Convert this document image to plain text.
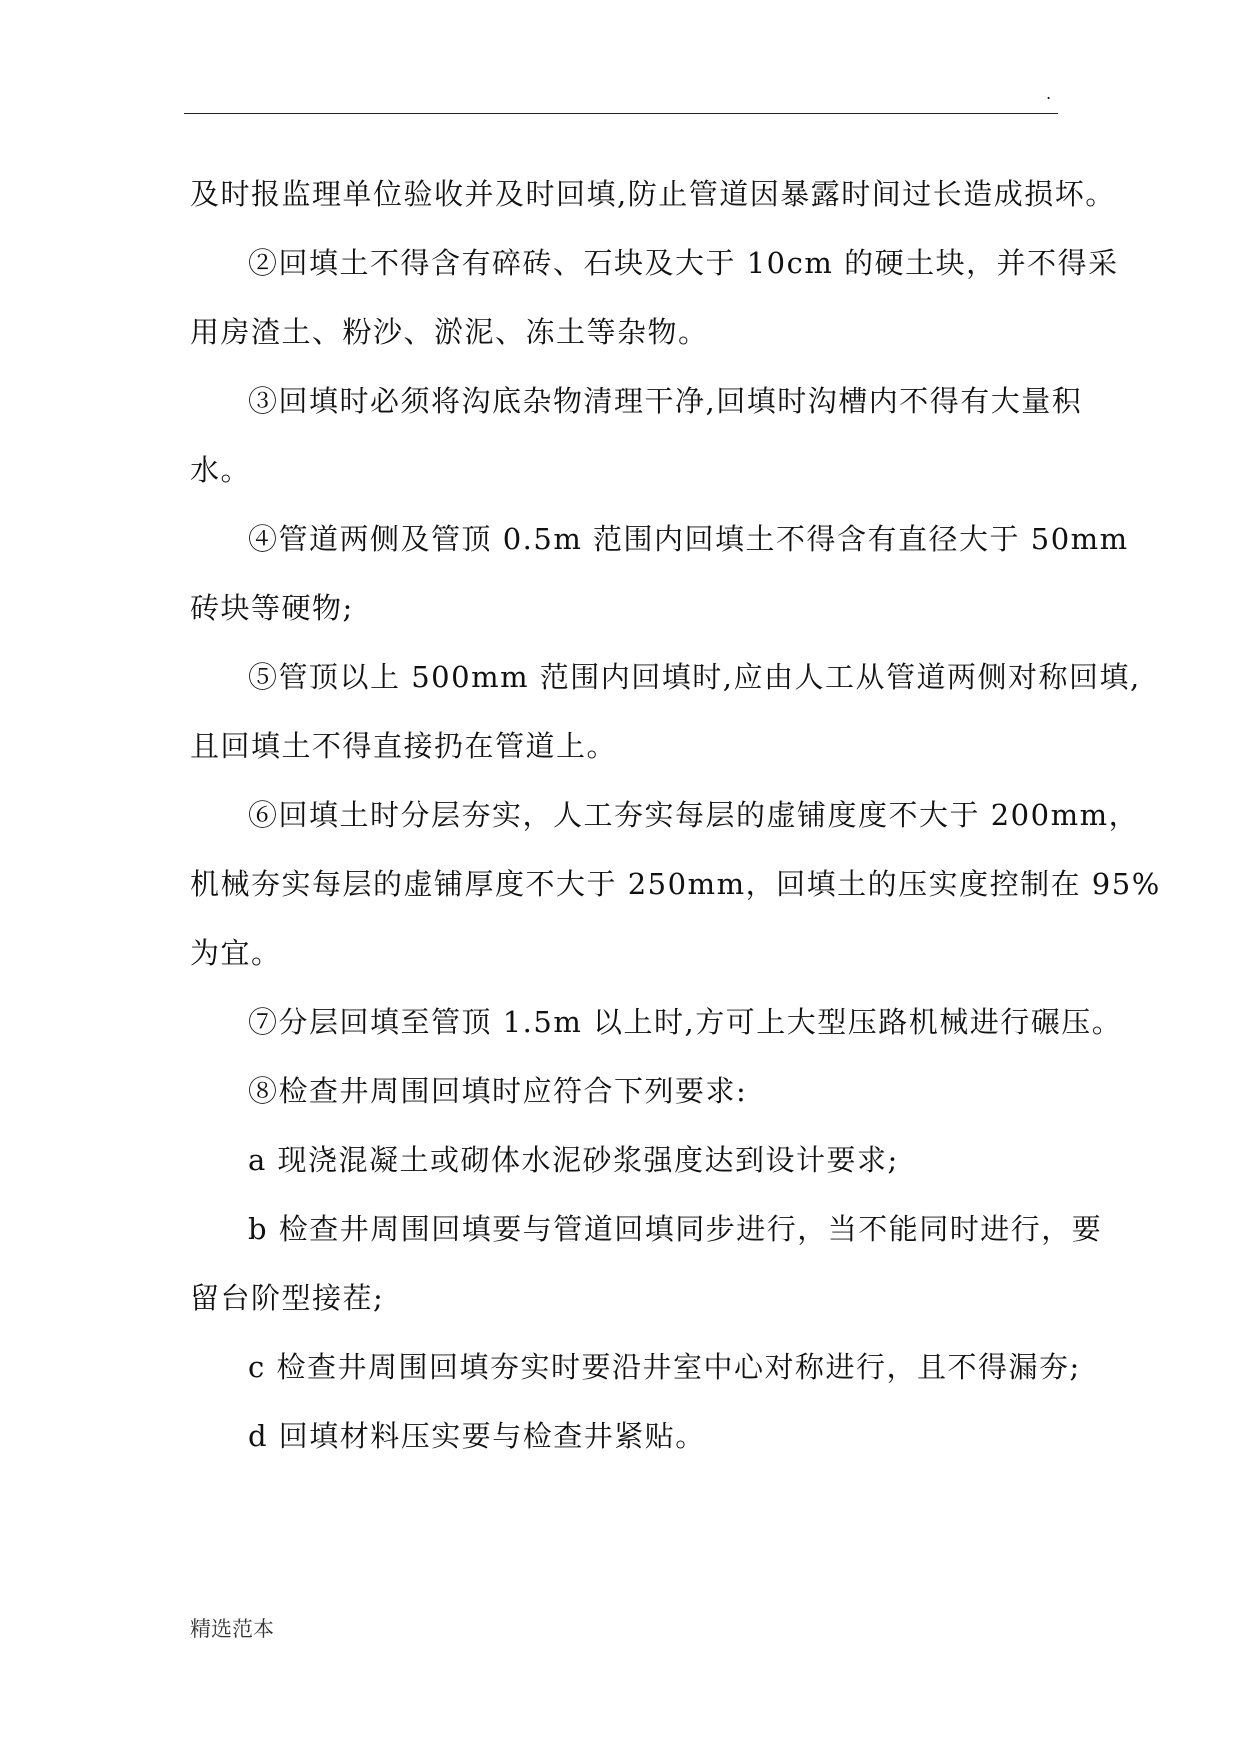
.
及时报监理单位验收并及时回填,防止管道因暴露时间过长造成损坏。
②回填土不得含有碎砖、石块及大于 10cm 的硬土块，并不得采
用房渣土、粉沙、淤泥、冻土等杂物。
③回填时必须将沟底杂物清理干净,回填时沟槽内不得有大量积
水。
④管道两侧及管顶 0.5m 范围内回填土不得含有直径大于 50mm
砖块等硬物;
⑤管顶以上 500mm 范围内回填时,应由人工从管道两侧对称回填,
且回填土不得直接扔在管道上。
⑥回填土时分层夯实，人工夯实每层的虚铺度度不大于 200mm，
机械夯实每层的虚铺厚度不大于 250mm，回填土的压实度控制在 95%
为宜。
⑦分层回填至管顶 1.5m 以上时,方可上大型压路机械进行碾压。
⑧检查井周围回填时应符合下列要求:
a 现浇混凝土或砌体水泥砂浆强度达到设计要求;
b 检查井周围回填要与管道回填同步进行，当不能同时进行，要
留台阶型接茬;
c 检查井周围回填夯实时要沿井室中心对称进行，且不得漏夯;
d 回填材料压实要与检查井紧贴。
精选范本
